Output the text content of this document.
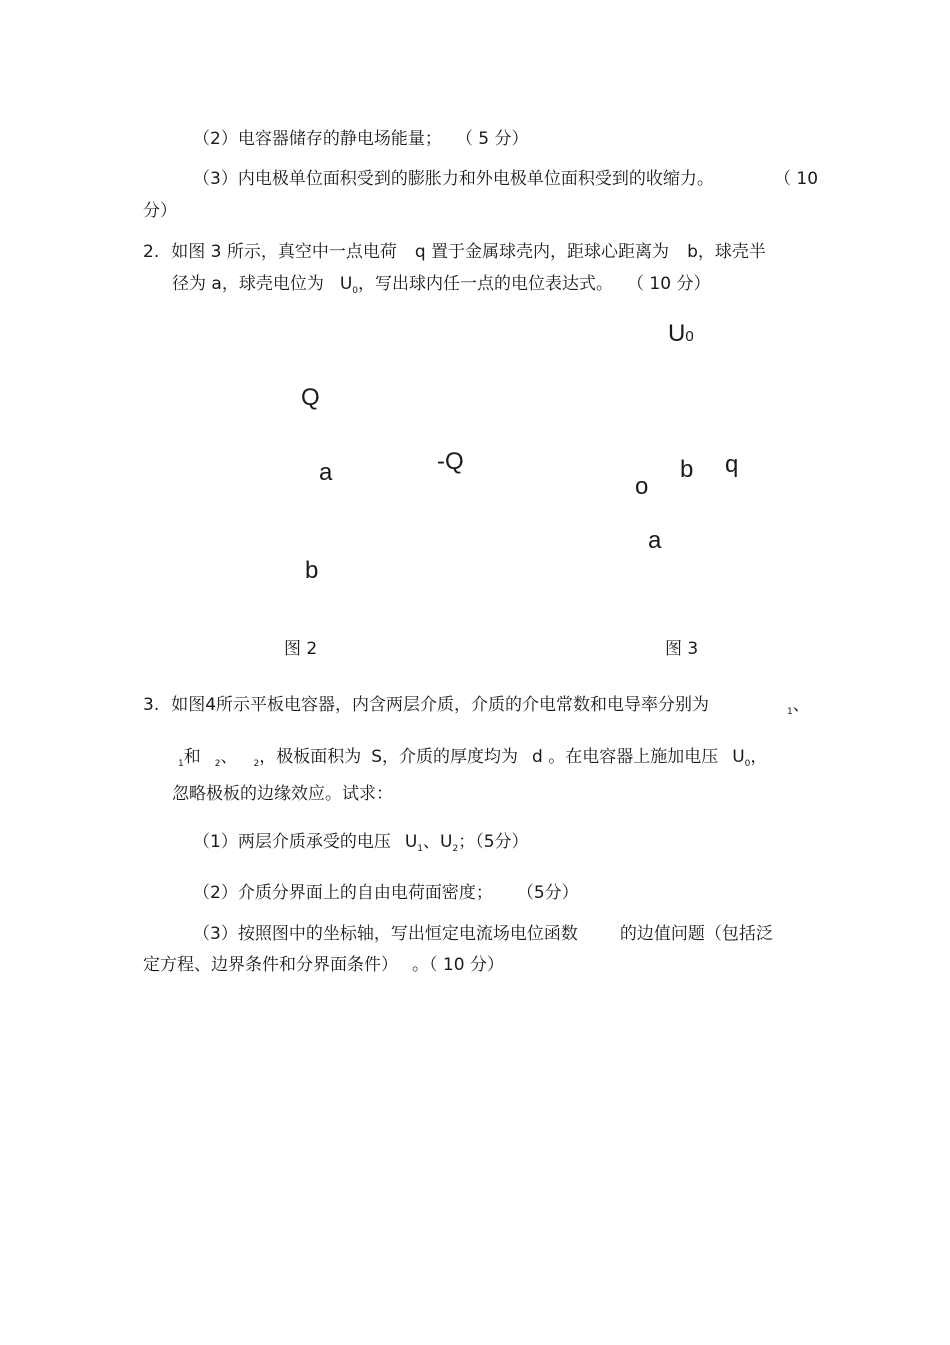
（2）电容器储存的静电场能量； （ 5 分）
（3）内电极单位面积受到的膨胀力和外电极单位面积受到的收缩力。	（ 10
分）
2. 如图 3 所示，真空中一点电荷 q 置于金属球壳内，距球心距离为 b，球壳半
径为 a，球壳电位为 $U_0$，写出球内任一点的电位表达式。 （ 10 分）
Q
a	-Q
b
图 2
U0
o
b q
a
图 3
3. 如图4所示平板电容器，内含两层介质，介质的介电常数和电导率分别为	$_1$、
$_1$和 $_2$、 $_2$，极板面积为 S，介质的厚度均为 d 。在电容器上施加电压 $U_0$，
忽略极板的边缘效应。试求：
（1）两层介质承受的电压 $U_1$、$U_2$；（5分）
（2）介质分界面上的自由电荷面密度； （5分）
（3）按照图中的坐标轴，写出恒定电流场电位函数 的边值问题（包括泛
定方程、边界条件和分界面条件） 。（ 10 分）
